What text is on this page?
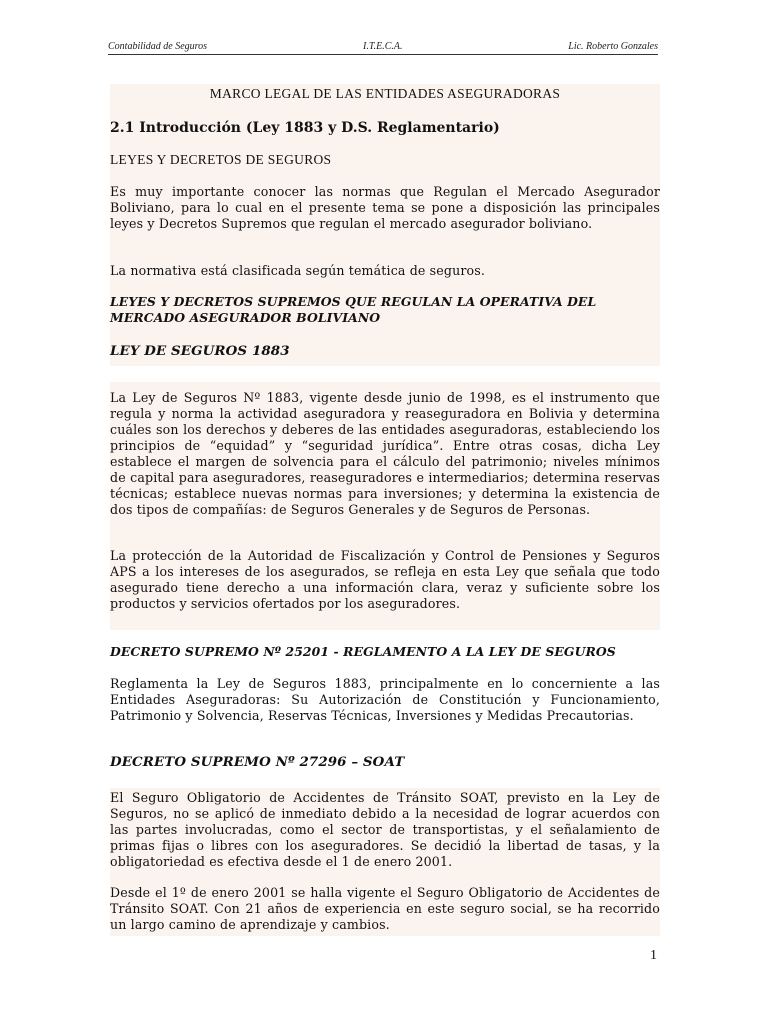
Contabilidad de Seguros	I.T.E.C.A.	Lic. Roberto Gonzales
MARCO LEGAL DE LAS ENTIDADES ASEGURADORAS
2.1 Introducción (Ley 1883 y D.S. Reglamentario)
LEYES Y DECRETOS DE SEGUROS

Es muy importante conocer las normas que Regulan el Mercado Asegurador Boliviano, para lo cual en el presente tema se pone a disposición las principales leyes y Decretos Supremos que regulan el mercado asegurador boliviano.

La normativa está clasificada según temática de seguros.

LEYES Y DECRETOS SUPREMOS QUE REGULAN LA OPERATIVA DEL MERCADO ASEGURADOR BOLIVIANO
LEY DE SEGUROS 1883

La Ley de Seguros Nº 1883, vigente desde junio de 1998, es el instrumento que regula y norma la actividad aseguradora y reaseguradora en Bolivia y determina cuáles son los derechos y deberes de las entidades aseguradoras, estableciendo los principios de “equidad” y “seguridad jurídica”. Entre otras cosas, dicha Ley establece el margen de solvencia para el cálculo del patrimonio; niveles mínimos de capital para aseguradores, reaseguradores e intermediarios; determina reservas técnicas; establece nuevas normas para inversiones; y determina la existencia de dos tipos de compañías: de Seguros Generales y de Seguros de Personas.

La protección de la Autoridad de Fiscalización y Control de Pensiones y Seguros APS a los intereses de los asegurados, se refleja en esta Ley que señala que todo asegurado tiene derecho a una información clara, veraz y suficiente sobre los productos y servicios ofertados por los aseguradores.

DECRETO SUPREMO Nº 25201 - REGLAMENTO A LA LEY DE SEGUROS

Reglamenta la Ley de Seguros 1883, principalmente en lo concerniente a las Entidades Aseguradoras: Su Autorización de Constitución y Funcionamiento, Patrimonio y Solvencia, Reservas Técnicas, Inversiones y Medidas Precautorias.

DECRETO SUPREMO Nº 27296 – SOAT

El Seguro Obligatorio de Accidentes de Tránsito SOAT, previsto en la Ley de Seguros, no se aplicó de inmediato debido a la necesidad de lograr acuerdos con las partes involucradas, como el sector de transportistas, y el señalamiento de primas fijas o libres con los aseguradores. Se decidió la libertad de tasas, y la obligatoriedad es efectiva desde el 1 de enero 2001.

Desde el 1º de enero 2001 se halla vigente el Seguro Obligatorio de Accidentes de Tránsito SOAT. Con 21 años de experiencia en este seguro social, se ha recorrido un largo camino de aprendizaje y cambios.

1
